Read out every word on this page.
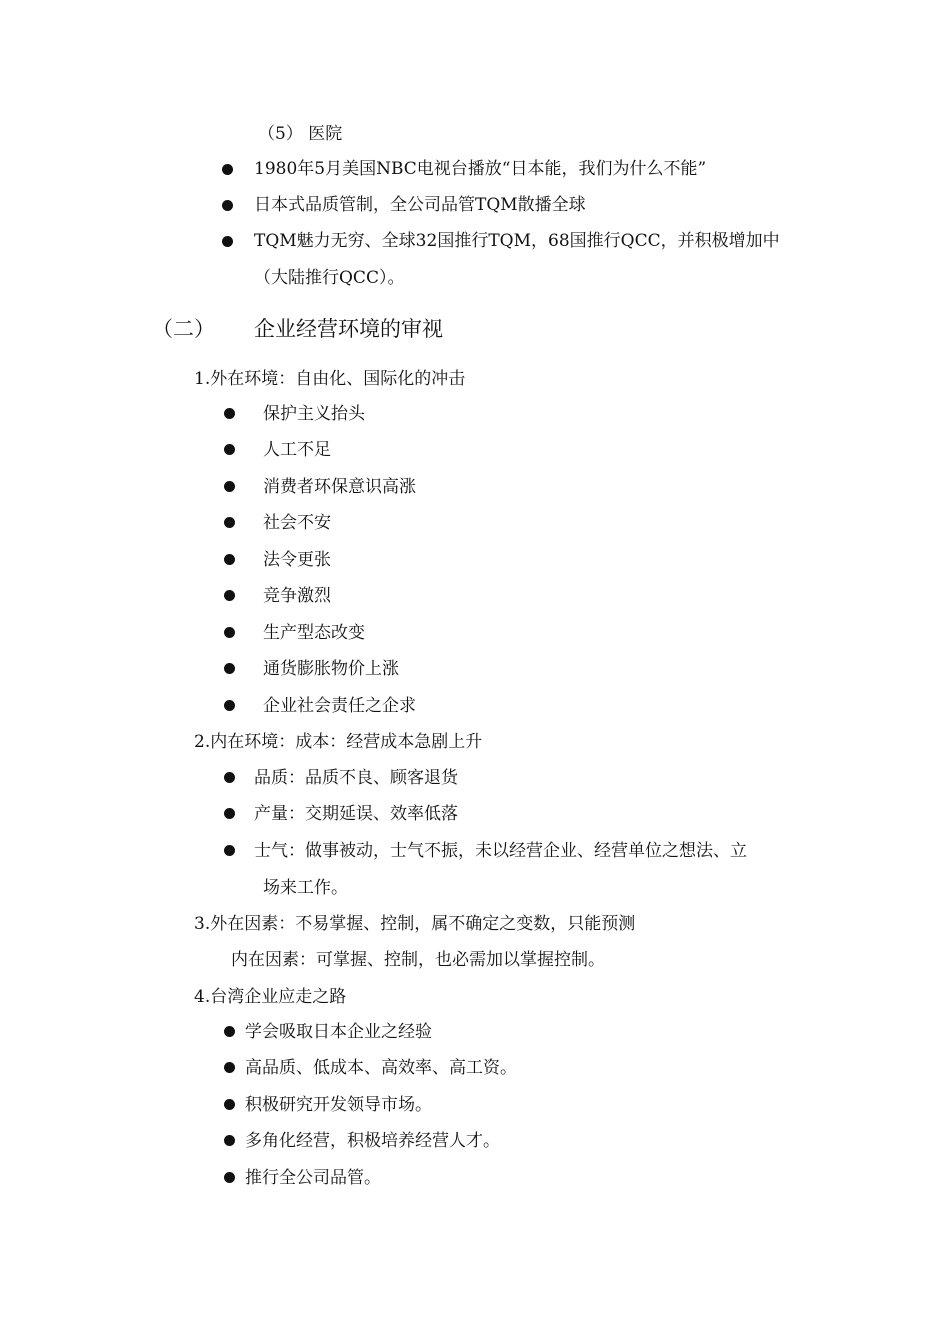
（5） 医院
1980年5月美国NBC电视台播放“日本能，我们为什么不能”
日本式品质管制，全公司品管TQM散播全球
TQM魅力无穷、全球32国推行TQM，68国推行QCC，并积极增加中
（大陆推行QCC）。
（二） 企业经营环境的审视
1.外在环境：自由化、国际化的冲击
保护主义抬头
人工不足
消费者环保意识高涨
社会不安
法令更张
竞争激烈
生产型态改变
通货膨胀物价上涨
企业社会责任之企求
2.内在环境：成本：经营成本急剧上升
品质：品质不良、顾客退货
产量：交期延误、效率低落
士气：做事被动，士气不振，未以经营企业、经营单位之想法、立
场来工作。
3.外在因素：不易掌握、控制，属不确定之变数，只能预测
内在因素：可掌握、控制，也必需加以掌握控制。
4.台湾企业应走之路
学会吸取日本企业之经验
高品质、低成本、高效率、高工资。
积极研究开发领导市场。
多角化经营，积极培养经营人才。
推行全公司品管。
